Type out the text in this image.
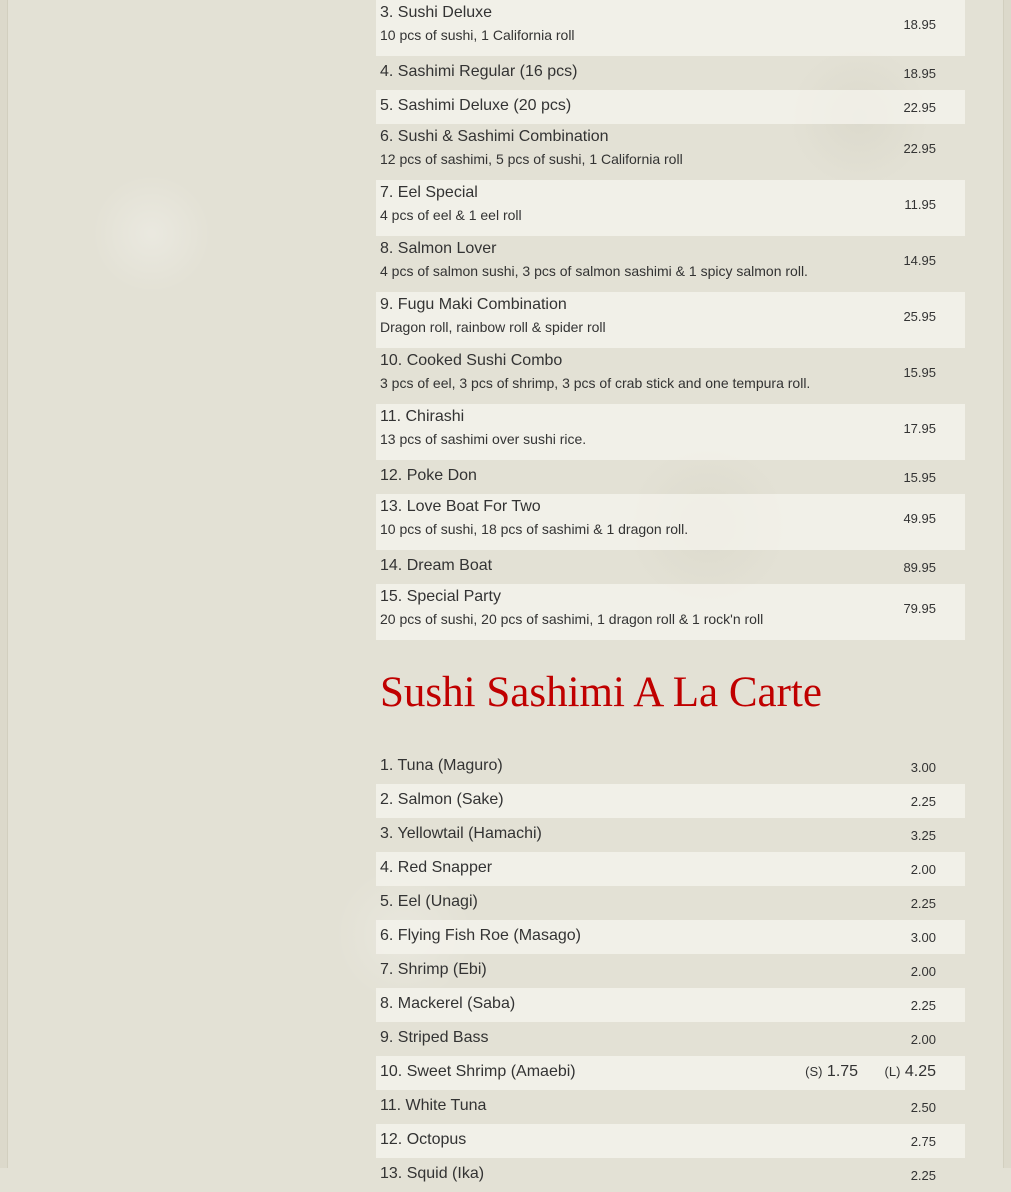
3. Sushi Deluxe
10 pcs of sushi, 1 California roll
18.95
4. Sashimi Regular (16 pcs)	18.95
5. Sashimi Deluxe (20 pcs)	22.95
6. Sushi & Sashimi Combination
12 pcs of sashimi, 5 pcs of sushi, 1 California roll
22.95
7. Eel Special
4 pcs of eel & 1 eel roll
11.95
8. Salmon Lover
4 pcs of salmon sushi, 3 pcs of salmon sashimi & 1 spicy salmon roll.
14.95
9. Fugu Maki Combination
Dragon roll, rainbow roll & spider roll
25.95
10. Cooked Sushi Combo
3 pcs of eel, 3 pcs of shrimp, 3 pcs of crab stick and one tempura roll.
15.95
11. Chirashi
13 pcs of sashimi over sushi rice.
17.95
12. Poke Don	15.95
13. Love Boat For Two
10 pcs of sushi, 18 pcs of sashimi & 1 dragon roll.
49.95
14. Dream Boat	89.95
15. Special Party
20 pcs of sushi, 20 pcs of sashimi, 1 dragon roll & 1 rock'n roll
79.95
Sushi Sashimi A La Carte
1. Tuna (Maguro)	3.00
2. Salmon (Sake)	2.25
3. Yellowtail (Hamachi)	3.25
4. Red Snapper	2.00
5. Eel (Unagi)	2.25
6. Flying Fish Roe (Masago)	3.00
7. Shrimp (Ebi)	2.00
8. Mackerel (Saba)	2.25
9. Striped Bass	2.00
10. Sweet Shrimp (Amaebi)	(S) 1.75 (L) 4.25
11. White Tuna	2.50
12. Octopus	2.75
13. Squid (Ika)	2.25
